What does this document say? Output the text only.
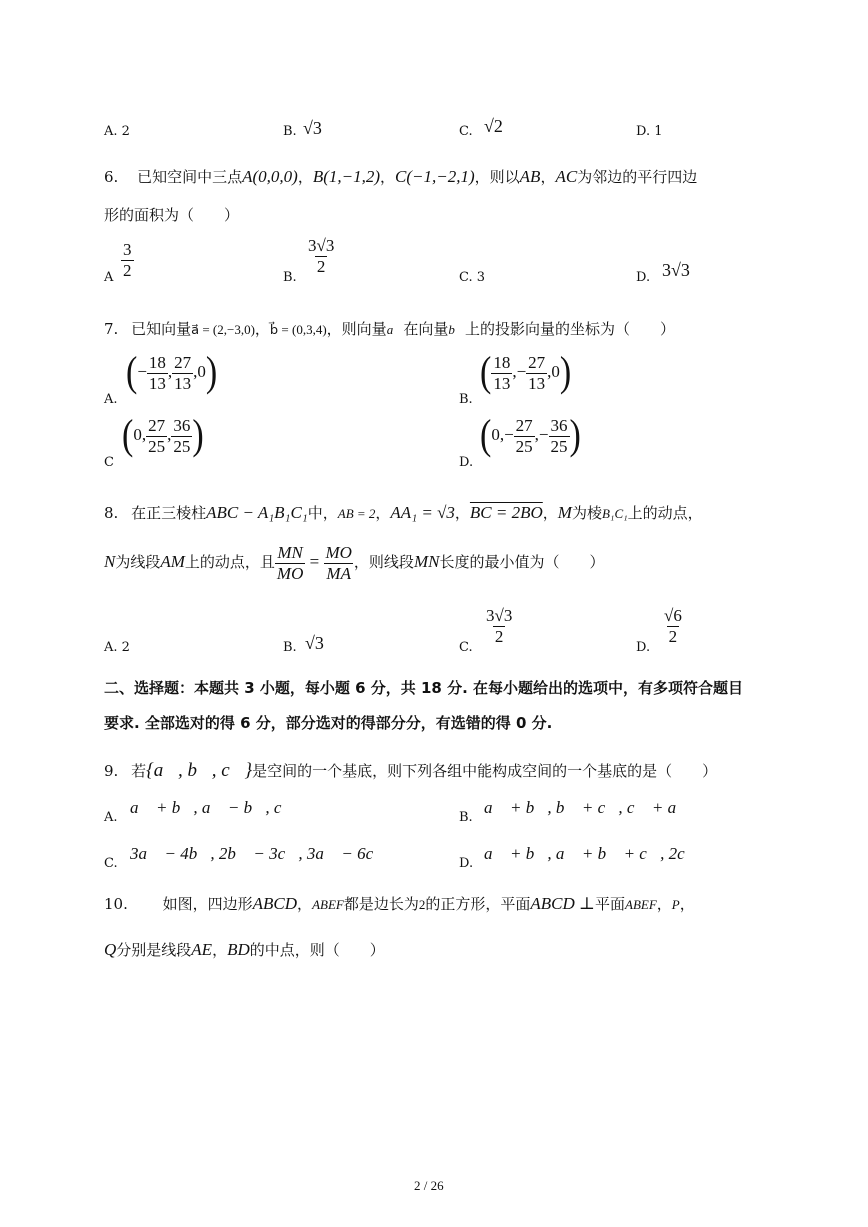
A. 2	B. √3	C. √2	D. 1
6. 已知空间中三点A(0,0,0)，B(1,−1,2)，C(−1,−2,1)，则以AB，AC为邻边的平行四边
形的面积为（　　）
A $\frac{3}{2}$	B.
$\frac{3√3}{2}$
C. 3	D. 3√3
7. 已知向量a⃗ = (2,−3,0)，b⃗ = (0,3,4)，则向量a⃗在向量b⃗上的投影向量的坐标为（　　）
A.
(− $\frac{18}{13}$ , $\frac{27}{13} ,0$)
B.
( $\frac{18}{13}$ ,− $\frac{27}{13} ,0$)
C
(0, $\frac{27}{25}$ , $\frac{36}{25}$ )
D.
($0,- \frac{27}{25}$ ,− $\frac{36}{25}$ )
8. 在正三棱柱ABC − A₁B₁C₁中，AB = 2，AA₁ = √3，BC = 2BO，M为棱B₁C₁上的动点，
N为线段AM上的动点，且 $\frac{MN}{MO} = \frac{MO}{MA}$ ，则线段MN长度的最小值为（　　）
A. 2	B. √3	C.
$\frac{3√3}{2}$
D.
$\frac{√6}{2}$
二、选择题：本题共 3 小题，每小题 6 分，共 18 分. 在每小题给出的选项中，有多项符合题目
要求. 全部选对的得 6 分，部分选对的得部分分，有选错的得 0 分.
9. 若{a⃗, b⃗, c⃗}是空间的一个基底，则下列各组中能构成空间的一个基底的是（　　）
A.
a⃗ + b⃗, a⃗ − b⃗, c⃗
B.
a⃗ + b⃗, b⃗ + c⃗, c⃗ + a⃗
C.
3a⃗ − 4b⃗, 2b⃗ − 3c⃗, 3a⃗ − 6c⃗
D.
a⃗ + b⃗, a⃗ + b⃗ + c⃗, 2c⃗
10. 如图，四边形ABCD，ABEF都是边长为2的正方形，平面ABCD ⊥平面ABEF，P，
Q分别是线段AE，BD的中点，则（　　）
2 / 26
